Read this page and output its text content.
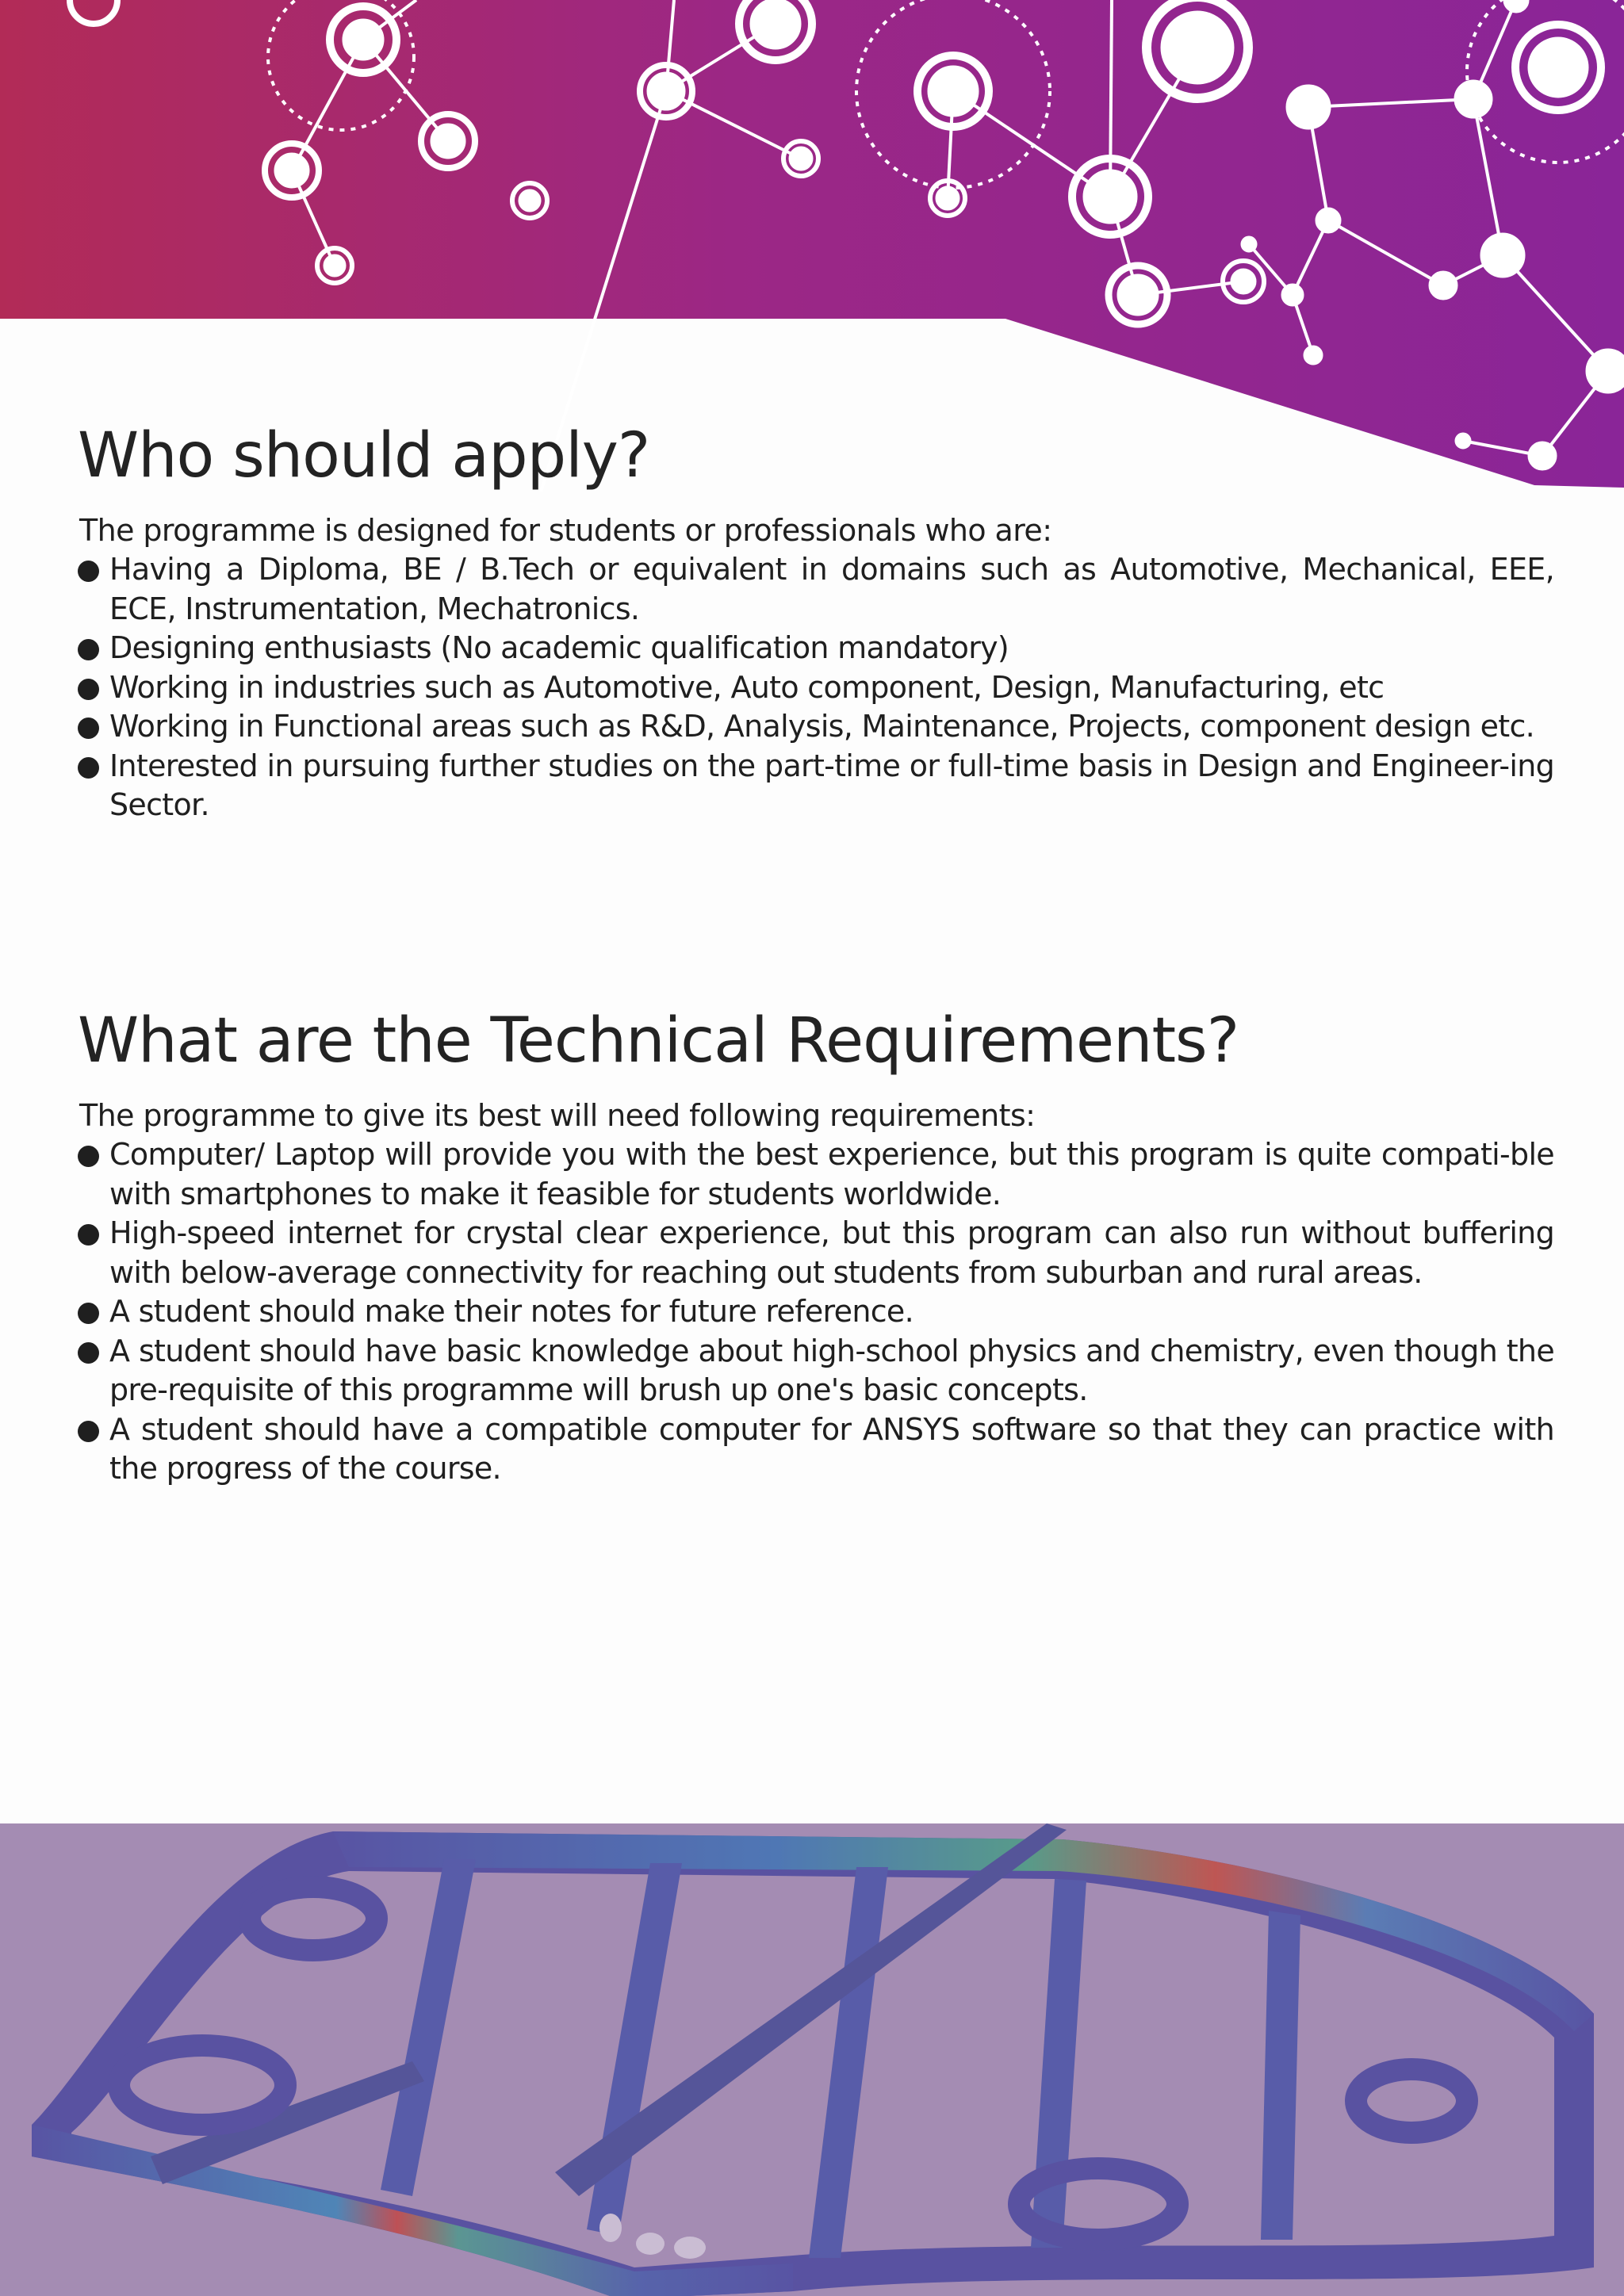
Who should apply?

The programme is designed for students or professionals who are:

Having a Diploma, BE / B.Tech or equivalent in domains such as Automotive, Mechanical, EEE, ECE, Instrumentation, Mechatronics.
Designing enthusiasts (No academic qualification mandatory)
Working in industries such as Automotive, Auto component, Design, Manufacturing, etc
Working in Functional areas such as R&D, Analysis, Maintenance, Projects, component design etc.
Interested in pursuing further studies on the part-time or full-time basis in Design and Engineer-ing Sector.
What are the Technical Requirements?

The programme to give its best will need following requirements:

Computer/ Laptop will provide you with the best experience, but this program is quite compati-ble with smartphones to make it feasible for students worldwide.
High-speed internet for crystal clear experience, but this program can also run without buffering with below-average connectivity for reaching out students from suburban and rural areas.
A student should make their notes for future reference.
A student should have basic knowledge about high-school physics and chemistry, even though the pre-requisite of this programme will brush up one's basic concepts.
A student should have a compatible computer for ANSYS software so that they can practice with the progress of the course.
